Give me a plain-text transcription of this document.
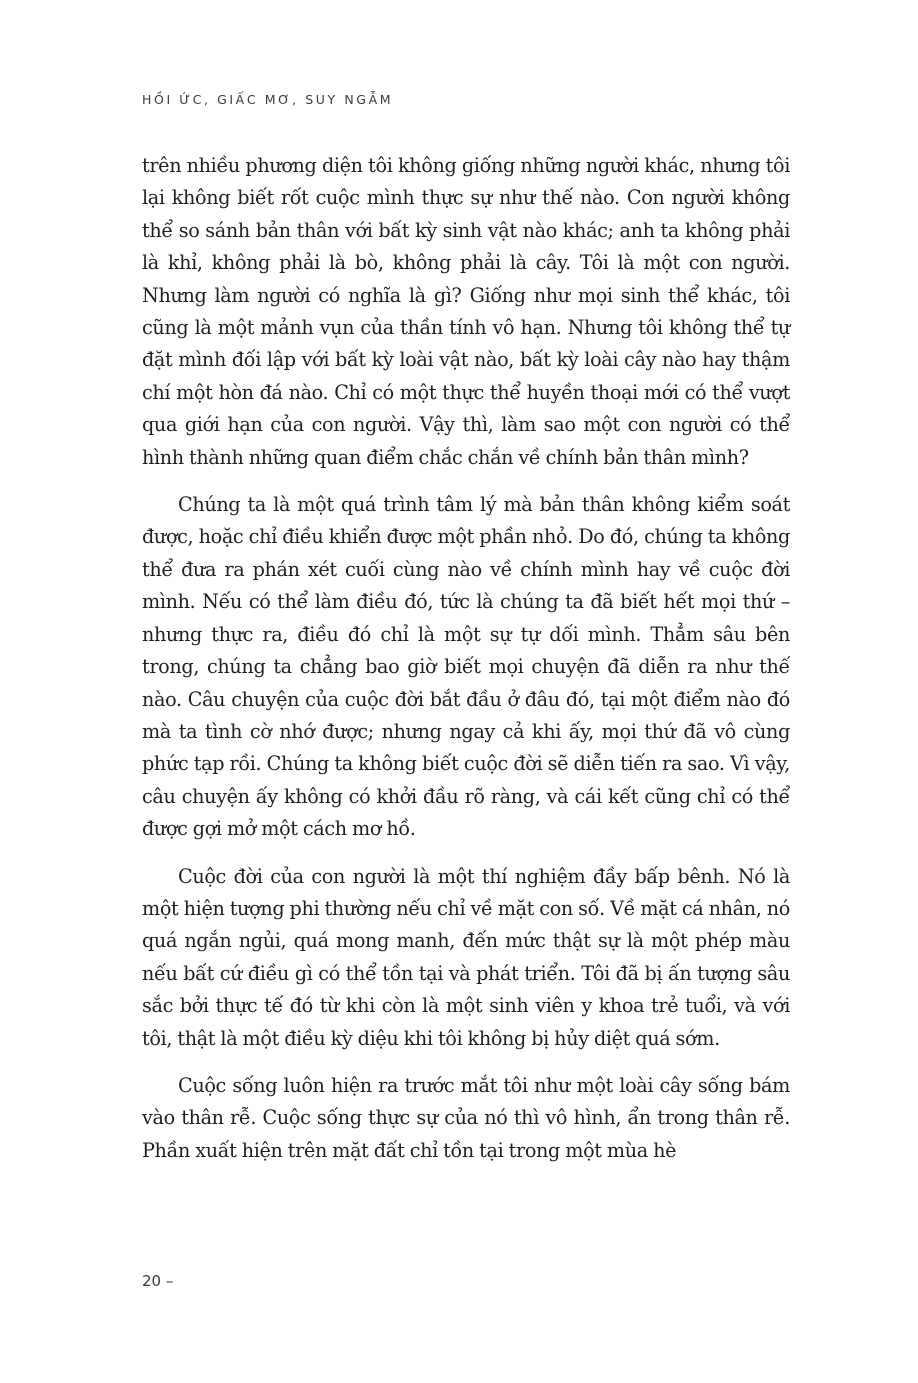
HỒI ỨC, GIẤC MƠ, SUY NGẪM

trên nhiều phương diện tôi không giống những người khác, nhưng tôi lại không biết rốt cuộc mình thực sự như thế nào. Con người không thể so sánh bản thân với bất kỳ sinh vật nào khác; anh ta không phải là khỉ, không phải là bò, không phải là cây. Tôi là một con người. Nhưng làm người có nghĩa là gì? Giống như mọi sinh thể khác, tôi cũng là một mảnh vụn của thần tính vô hạn. Nhưng tôi không thể tự đặt mình đối lập với bất kỳ loài vật nào, bất kỳ loài cây nào hay thậm chí một hòn đá nào. Chỉ có một thực thể huyền thoại mới có thể vượt qua giới hạn của con người. Vậy thì, làm sao một con người có thể hình thành những quan điểm chắc chắn về chính bản thân mình?

Chúng ta là một quá trình tâm lý mà bản thân không kiểm soát được, hoặc chỉ điều khiển được một phần nhỏ. Do đó, chúng ta không thể đưa ra phán xét cuối cùng nào về chính mình hay về cuộc đời mình. Nếu có thể làm điều đó, tức là chúng ta đã biết hết mọi thứ – nhưng thực ra, điều đó chỉ là một sự tự dối mình. Thẳm sâu bên trong, chúng ta chẳng bao giờ biết mọi chuyện đã diễn ra như thế nào. Câu chuyện của cuộc đời bắt đầu ở đâu đó, tại một điểm nào đó mà ta tình cờ nhớ được; nhưng ngay cả khi ấy, mọi thứ đã vô cùng phức tạp rồi. Chúng ta không biết cuộc đời sẽ diễn tiến ra sao. Vì vậy, câu chuyện ấy không có khởi đầu rõ ràng, và cái kết cũng chỉ có thể được gợi mở một cách mơ hồ.

Cuộc đời của con người là một thí nghiệm đầy bấp bênh. Nó là một hiện tượng phi thường nếu chỉ về mặt con số. Về mặt cá nhân, nó quá ngắn ngủi, quá mong manh, đến mức thật sự là một phép màu nếu bất cứ điều gì có thể tồn tại và phát triển. Tôi đã bị ấn tượng sâu sắc bởi thực tế đó từ khi còn là một sinh viên y khoa trẻ tuổi, và với tôi, thật là một điều kỳ diệu khi tôi không bị hủy diệt quá sớm.

Cuộc sống luôn hiện ra trước mắt tôi như một loài cây sống bám vào thân rễ. Cuộc sống thực sự của nó thì vô hình, ẩn trong thân rễ. Phần xuất hiện trên mặt đất chỉ tồn tại trong một mùa hè

20 –
